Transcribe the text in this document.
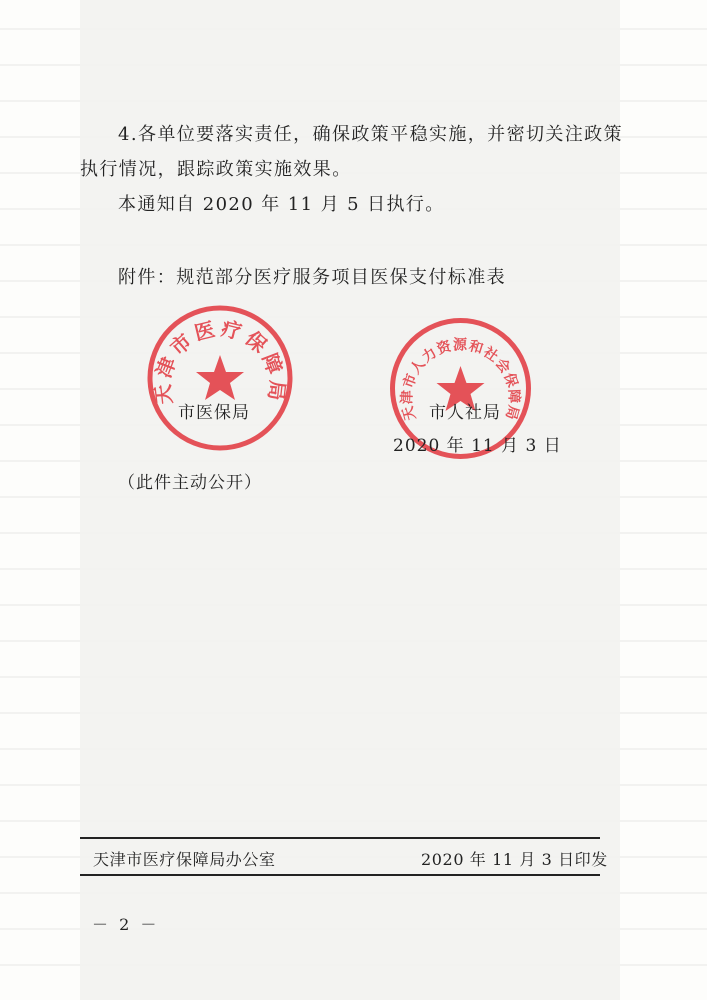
4.各单位要落实责任，确保政策平稳实施，并密切关注政策
执行情况，跟踪政策实施效果。
本通知自 2020 年 11 月 5 日执行。
附件：规范部分医疗服务项目医保支付标准表
天津市医疗保障局
天津市人力资源和社会保障局
市医保局	市人社局
2020 年 11 月 3 日
（此件主动公开）
天津市医疗保障局办公室	2020 年 11 月 3 日印发
－ 2 －
